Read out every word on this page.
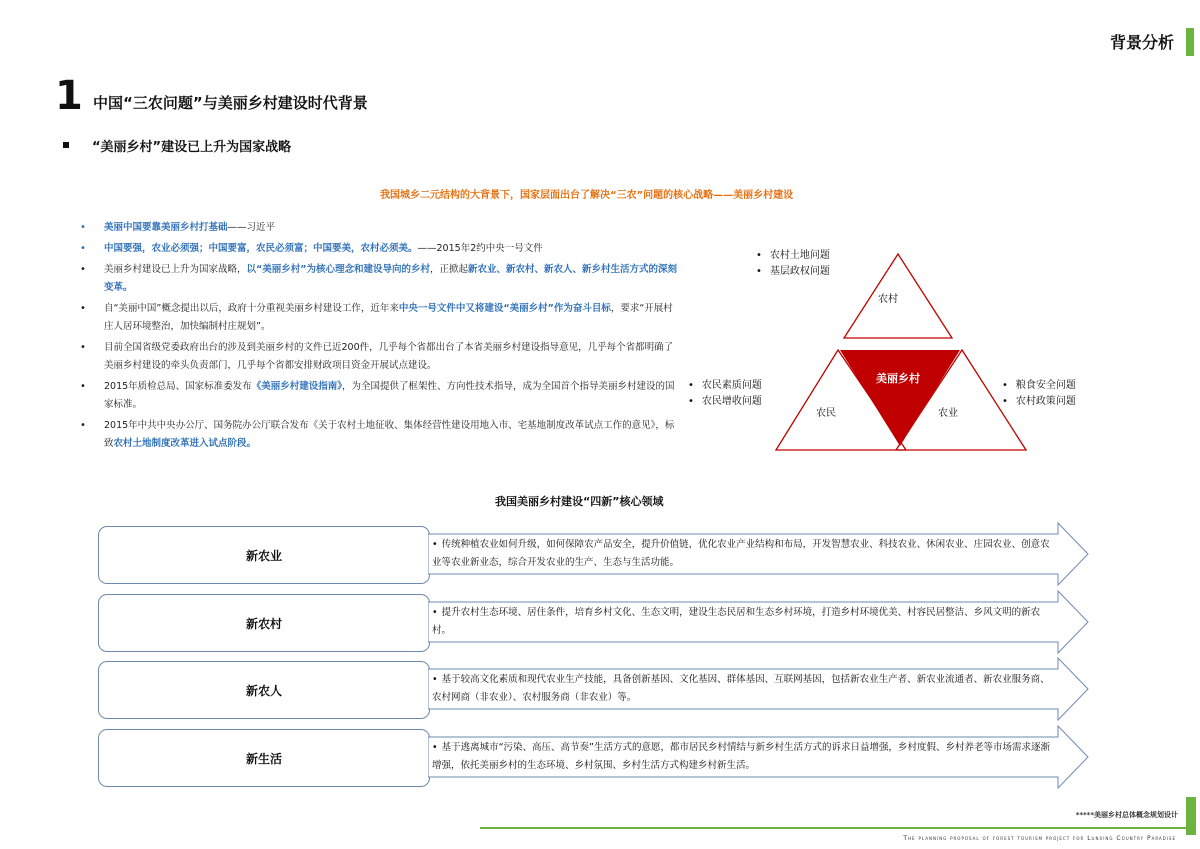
背景分析
1 中国“三农问题”与美丽乡村建设时代背景
“美丽乡村”建设已上升为国家战略
我国城乡二元结构的大背景下，国家层面出台了解决“三农”问题的核心战略——美丽乡村建设
• 美丽中国要靠美丽乡村打基础——习近平
• 中国要强，农业必须强；中国要富，农民必须富；中国要美，农村必须美。——2015年2约中央一号文件
• 美丽乡村建设已上升为国家战略，以“美丽乡村”为核心理念和建设导向的乡村，正掀起新农业、新农村、新农人、新乡村生活方式的深刻变革。
• 自“美丽中国”概念提出以后，政府十分重视美丽乡村建设工作，近年来中央一号文件中又将建设“美丽乡村”作为奋斗目标，要求“开展村庄人居环境整治，加快编制村庄规划”。
• 目前全国省级党委政府出台的涉及到美丽乡村的文件已近200件，几乎每个省都出台了本省美丽乡村建设指导意见，几乎每个省都明确了美丽乡村建设的牵头负责部门，几乎每个省都安排财政项目资金开展试点建设。
• 2015年质检总局、国家标准委发布《美丽乡村建设指南》，为全国提供了框架性、方向性技术指导，成为全国首个指导美丽乡村建设的国家标准。
• 2015年中共中央办公厅、国务院办公厅联合发布《关于农村土地征收、集体经营性建设用地入市、宅基地制度改革试点工作的意见》，标致农村土地制度改革进入试点阶段。
农村
农民	农业
美丽乡村
• 农村土地问题
• 基层政权问题
• 农民素质问题
• 农民增收问题
• 粮食安全问题
• 农村政策问题
我国美丽乡村建设“四新”核心领域
新农业
• 传统种植农业如何升级，如何保障农产品安全，提升价值链，优化农业产业结构和布局，开发智慧农业、科技农业、休闲农业、庄园农业、创意农业等农业新业态，综合开发农业的生产、生态与生活功能。
新农村
• 提升农村生态环境、居住条件，培育乡村文化、生态文明，建设生态民居和生态乡村环境，打造乡村环境优美、村容民居整洁、乡风文明的新农村。
新农人
• 基于较高文化素质和现代农业生产技能，具备创新基因、文化基因、群体基因、互联网基因，包括新农业生产者、新农业流通者、新农业服务商、农村网商（非农业）、农村服务商（非农业）等。
新生活
• 基于逃离城市“污染、高压、高节奏”生活方式的意愿，都市居民乡村情结与新乡村生活方式的诉求日益增强，乡村度假、乡村养老等市场需求逐渐增强，依托美丽乡村的生态环境、乡村氛围、乡村生活方式构建乡村新生活。
*****美丽乡村总体概念规划设计
The planning proposal of forest tourism project for Lunxing Country Paradise
